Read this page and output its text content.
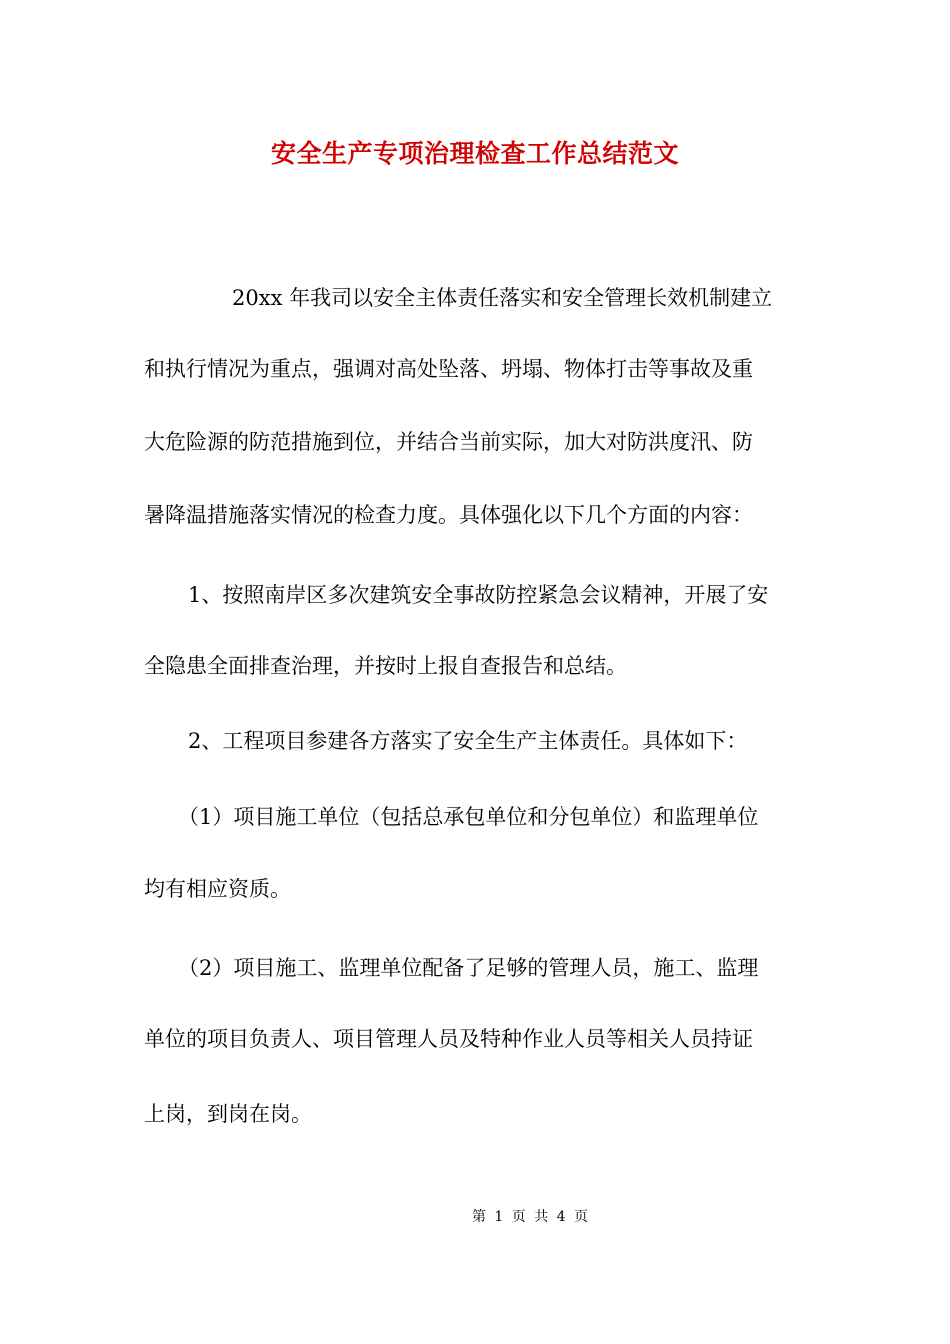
安全生产专项治理检查工作总结范文
20xx 年我司以安全主体责任落实和安全管理长效机制建立
和执行情况为重点，强调对高处坠落、坍塌、物体打击等事故及重
大危险源的防范措施到位，并结合当前实际，加大对防洪度汛、防
暑降温措施落实情况的检查力度。具体强化以下几个方面的内容：
1、按照南岸区多次建筑安全事故防控紧急会议精神，开展了安
全隐患全面排查治理，并按时上报自查报告和总结。
2、工程项目参建各方落实了安全生产主体责任。具体如下：
（1）项目施工单位（包括总承包单位和分包单位）和监理单位
均有相应资质。
（2）项目施工、监理单位配备了足够的管理人员，施工、监理
单位的项目负责人、项目管理人员及特种作业人员等相关人员持证
上岗，到岗在岗。
第 1 页 共 4 页
